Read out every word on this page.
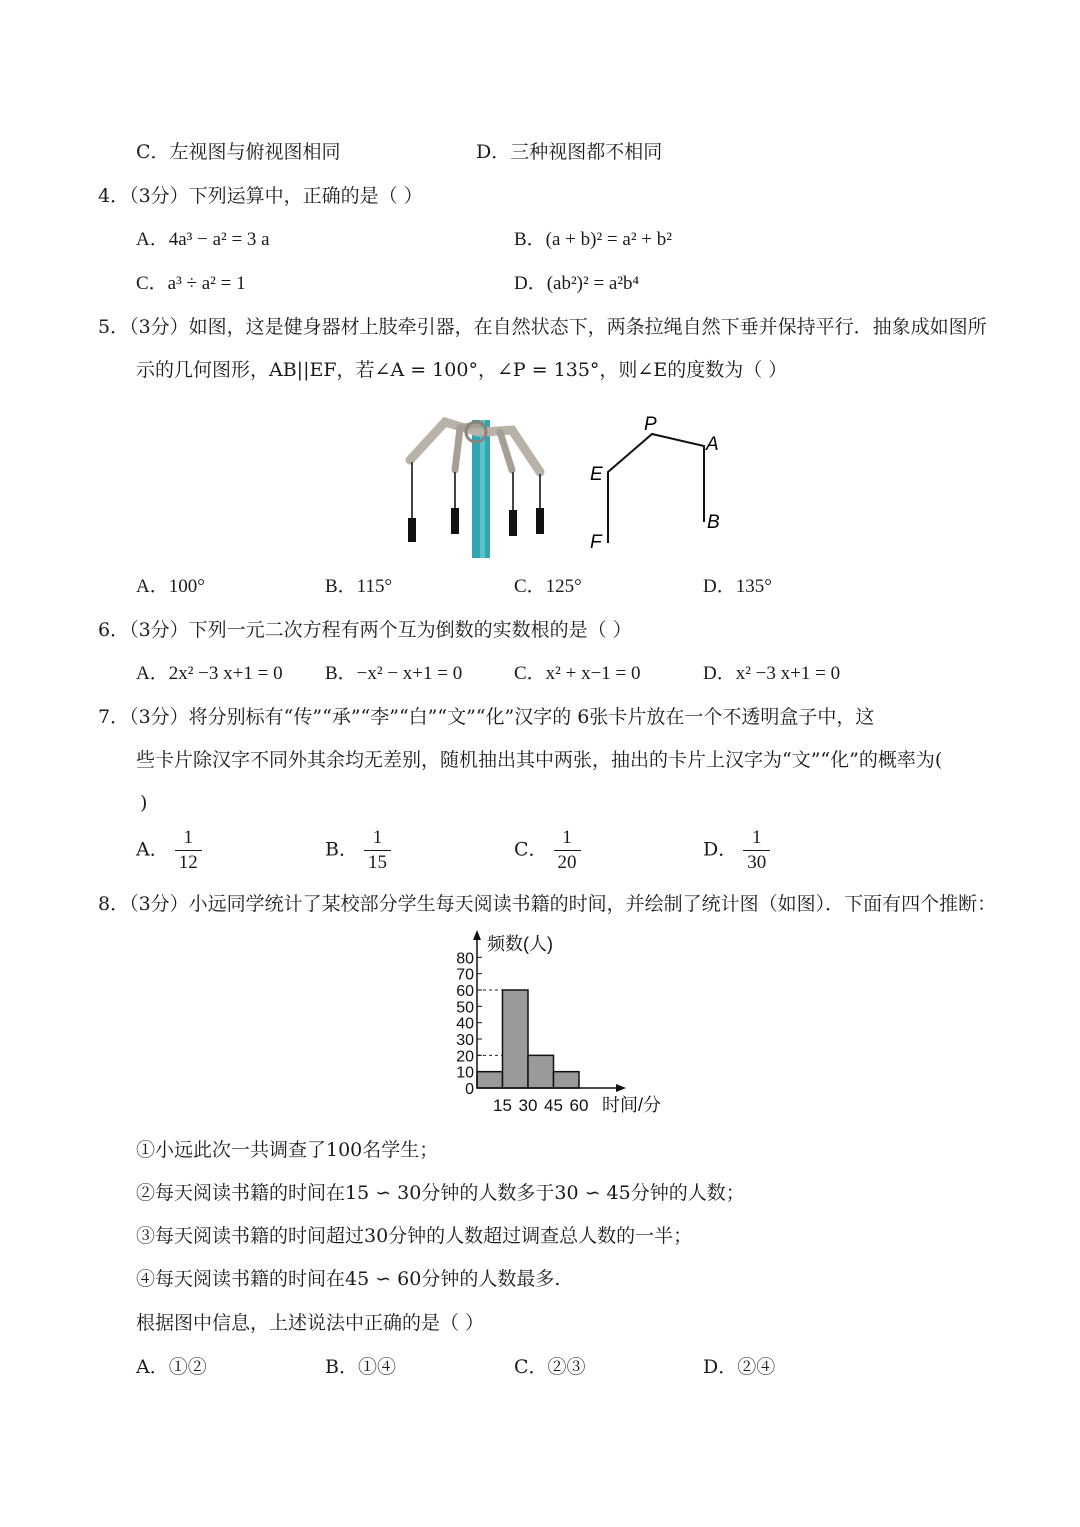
C．左视图与俯视图相同	D．三种视图都不相同
4．（3分）下列运算中，正确的是（ ）
A．4a³ − a² = 3 a	B．(a + b)² = a² + b²
C．a³ ÷ a² = 1	D．(ab²)² = a²b⁴
5．（3分）如图，这是健身器材上肢牵引器，在自然状态下，两条拉绳自然下垂并保持平行．抽象成如图所
示的几何图形，AB||EF，若∠A = 100°，∠P = 135°，则∠E的度数为（ ）
P
A
E
B
F
A．100°	B．115°	C．125°	D．135°
6．（3分）下列一元二次方程有两个互为倒数的实数根的是（ ）
A．2x² −3 x+1 = 0 B．−x² − x+1 = 0	C．x² + x−1 = 0	D．x² −3 x+1 = 0
7．（3分）将分别标有“传”“承”“李”“白”“文”“化”汉字的 6张卡片放在一个不透明盒子中，这
些卡片除汉字不同外其余均无差别，随机抽出其中两张，抽出的卡片上汉字为“文”“化”的概率为(
)
A． $\frac{1}{12}$	B． $\frac{1}{15}$	C． $\frac{1}{20}$	D． $\frac{1}{30}$
8．（3分）小远同学统计了某校部分学生每天阅读书籍的时间，并绘制了统计图（如图）．下面有四个推断：
0
10
20
30
40
50
60
70
80
15 30 45 60
频数(人)
时间/分
①小远此次一共调查了100名学生；
②每天阅读书籍的时间在15 ∽ 30分钟的人数多于30 ∽ 45分钟的人数；
③每天阅读书籍的时间超过30分钟的人数超过调查总人数的一半；
④每天阅读书籍的时间在45 ∽ 60分钟的人数最多.
根据图中信息，上述说法中正确的是（ ）
A．①②	B．①④	C．②③	D．②④
